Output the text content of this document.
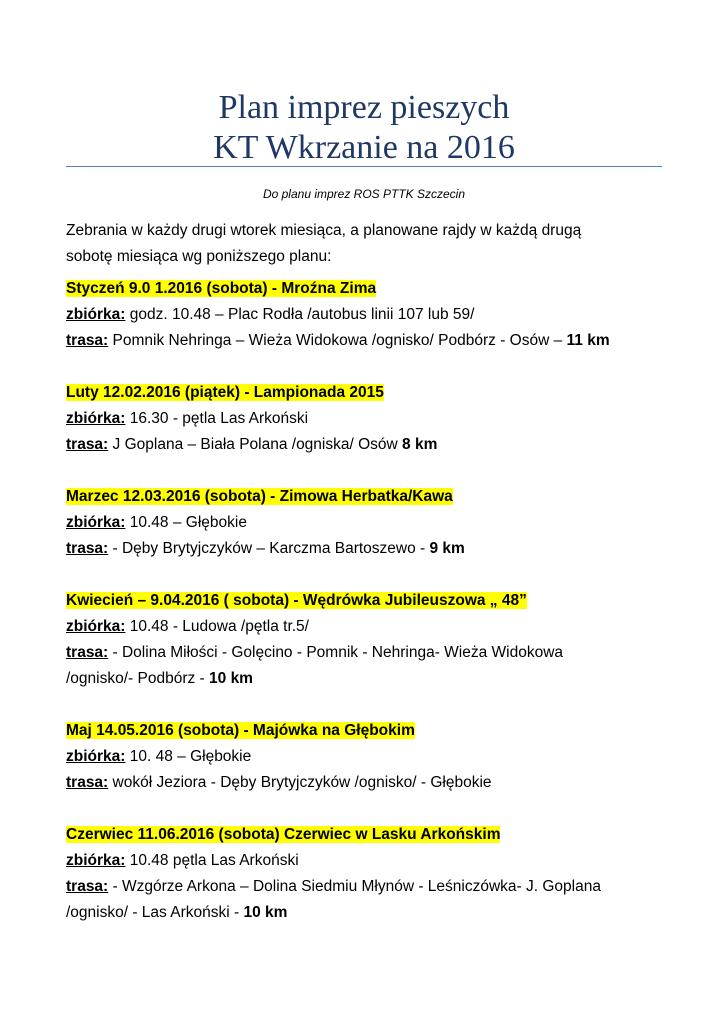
Plan imprez pieszych
KT Wkrzanie na 2016
Do planu imprez ROS PTTK Szczecin
Zebrania w każdy drugi wtorek miesiąca, a planowane rajdy w każdą drugą
sobotę miesiąca wg poniższego planu:
Styczeń 9.0 1.2016 (sobota) - Mroźna Zima
zbiórka: godz. 10.48 – Plac Rodła /autobus linii 107 lub 59/
trasa: Pomnik Nehringa – Wieża Widokowa /ognisko/ Podbórz - Osów – 11 km
Luty 12.02.2016 (piątek) - Lampionada 2015
zbiórka: 16.30 - pętla Las Arkoński
trasa: J Goplana – Biała Polana /ogniska/ Osów 8 km
Marzec 12.03.2016 (sobota) - Zimowa Herbatka/Kawa
zbiórka: 10.48 – Głębokie
trasa: - Dęby Brytyjczyków – Karczma Bartoszewo - 9 km
Kwiecień – 9.04.2016 ( sobota) - Wędrówka Jubileuszowa „ 48”
zbiórka: 10.48 - Ludowa /pętla tr.5/
trasa: - Dolina Miłości - Golęcino - Pomnik - Nehringa- Wieża Widokowa
/ognisko/- Podbórz - 10 km
Maj 14.05.2016 (sobota) - Majówka na Głębokim
zbiórka: 10. 48 – Głębokie
trasa: wokół Jeziora - Dęby Brytyjczyków /ognisko/ - Głębokie
Czerwiec 11.06.2016 (sobota) Czerwiec w Lasku Arkońskim
zbiórka: 10.48 pętla Las Arkoński
trasa: - Wzgórze Arkona – Dolina Siedmiu Młynów - Leśniczówka- J. Goplana
/ognisko/ - Las Arkoński - 10 km
